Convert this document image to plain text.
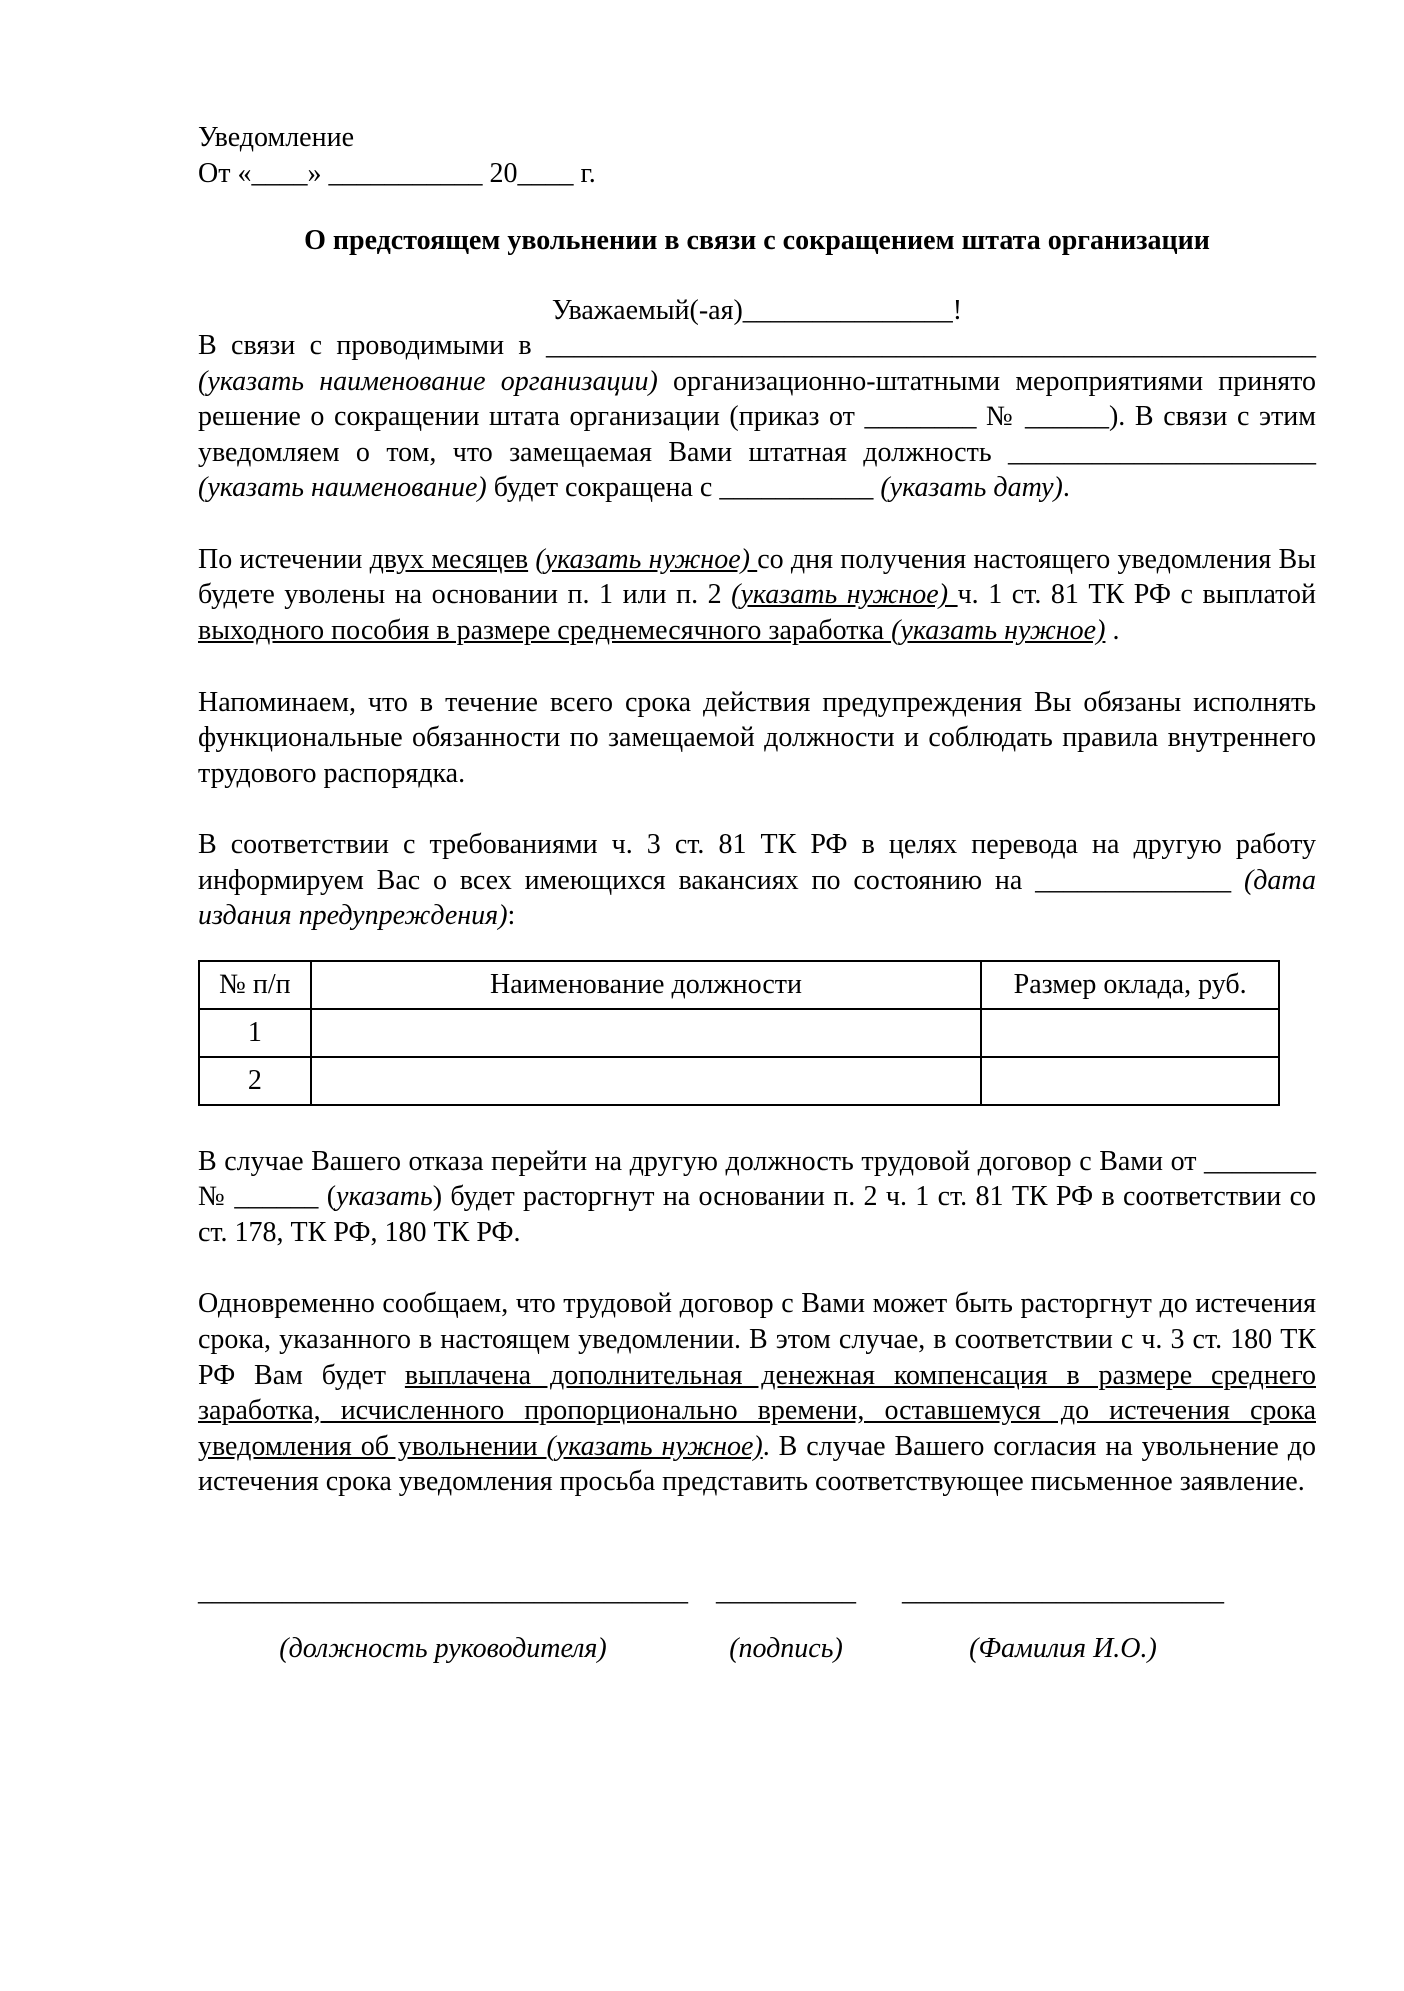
Уведомление
От «____» ___________ 20____ г.
О предстоящем увольнении в связи с сокращением штата организации
Уважаемый(-ая)_______________!

В связи с проводимыми в _______________________________________________________ (указать наименование организации) организационно-штатными мероприятиями принято решение о сокращении штата организации (приказ от ________ № ______). В связи с этим уведомляем о том, что замещаемая Вами штатная должность ______________________ (указать наименование) будет сокращена с ___________ (указать дату).

По истечении двух месяцев (указать нужное) со дня получения настоящего уведомления Вы будете уволены на основании п. 1 или п. 2 (указать нужное) ч. 1 ст. 81 ТК РФ с выплатой выходного пособия в размере среднемесячного заработка (указать нужное) .

Напоминаем, что в течение всего срока действия предупреждения Вы обязаны исполнять функциональные обязанности по замещаемой должности и соблюдать правила внутреннего трудового распорядка.

В соответствии с требованиями ч. 3 ст. 81 ТК РФ в целях перевода на другую работу информируем Вас о всех имеющихся вакансиях по состоянию на ______________ (дата издания предупреждения):

№ п/п	Наименование должности	Размер оклада, руб.
1		
2		

В случае Вашего отказа перейти на другую должность трудовой договор с Вами от ________ № ______ (указать) будет расторгнут на основании п. 2 ч. 1 ст. 81 ТК РФ в соответствии со ст. 178, ТК РФ, 180 ТК РФ.

Одновременно сообщаем, что трудовой договор с Вами может быть расторгнут до истечения срока, указанного в настоящем уведомлении. В этом случае, в соответствии с ч. 3 ст. 180 ТК РФ Вам будет выплачена дополнительная денежная компенсация в размере среднего заработка, исчисленного пропорционально времени, оставшемуся до истечения срока уведомления об увольнении (указать нужное). В случае Вашего согласия на увольнение до истечения срока уведомления просьба представить соответствующее письменное заявление.

___________________________________
(должность руководителя)
__________
(подпись)
_______________________
(Фамилия И.О.)
